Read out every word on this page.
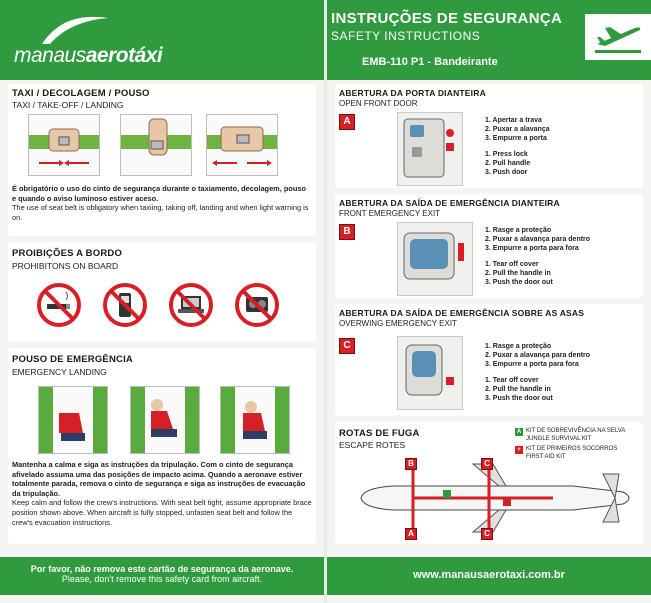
manausaerotáxi
TAXI / DECOLAGEM / POUSO
TAXI / TAKE-OFF / LANDING
É obrigatório o uso do cinto de segurança durante o taxiamento, decolagem, pouso e quando o aviso luminoso estiver aceso.
The use of seat belt is obligatory when taxiing, taking off, landing and when light warning is on.
PROIBIÇÕES A BORDO
PROHIBITONS ON BOARD
POUSO DE EMERGÊNCIA
EMERGENCY LANDING
Mantenha a calma e siga as instruções da tripulação. Com o cinto de segurança afivelado assuma uma das posições de impacto acima. Quando a aeronave estiver totalmente parada, remova o cinto de segurança e siga as instruções de evacuação da tripulação.
Keep calm and follow the crew's instructions. With seat belt tight, assume appropriate brace position shown above. When aircraft is fully stopped, unfasten seat belt and follow the crew's evacuation instructions.
Por favor, não remova este cartão de segurança da aeronave.
Please, don't remove this safety card from aircraft.
INSTRUÇÕES DE SEGURANÇA
SAFETY INSTRUCTIONS
EMB-110 P1 - Bandeirante
ABERTURA DA PORTA DIANTEIRA
OPEN FRONT DOOR
A	1. Apertar a trava
2. Puxar a alavança
3. Empurre a porta
1. Press lock
2. Pull handle
3. Push door
ABERTURA DA SAÍDA DE EMERGÊNCIA DIANTEIRA
FRONT EMERGENCY EXIT
B	1. Rasge a proteção
2. Puxar a alavança para dentro
3. Empurre a porta para fora
1. Tear off cover
2. Pull the handle in
3. Push the door out
ABERTURA DA SAÍDA DE EMERGÊNCIA SOBRE AS ASAS
OVERWING EMERGENCY EXIT
C	1. Rasge a proteção
2. Puxar a alavança para dentro
3. Empurre a porta para fora
1. Tear off cover
2. Pull the handle in
3. Push the door out
ROTAS DE FUGA
ESCAPE ROTES
A KIT DE SOBREVIVÊNCIA NA SELVA
JUNGLE SURVIVAL KIT
+ KIT DE PRIMEIROS SOCORROS
FIRST AID KIT
B	C
A	C
www.manausaerotaxi.com.br
